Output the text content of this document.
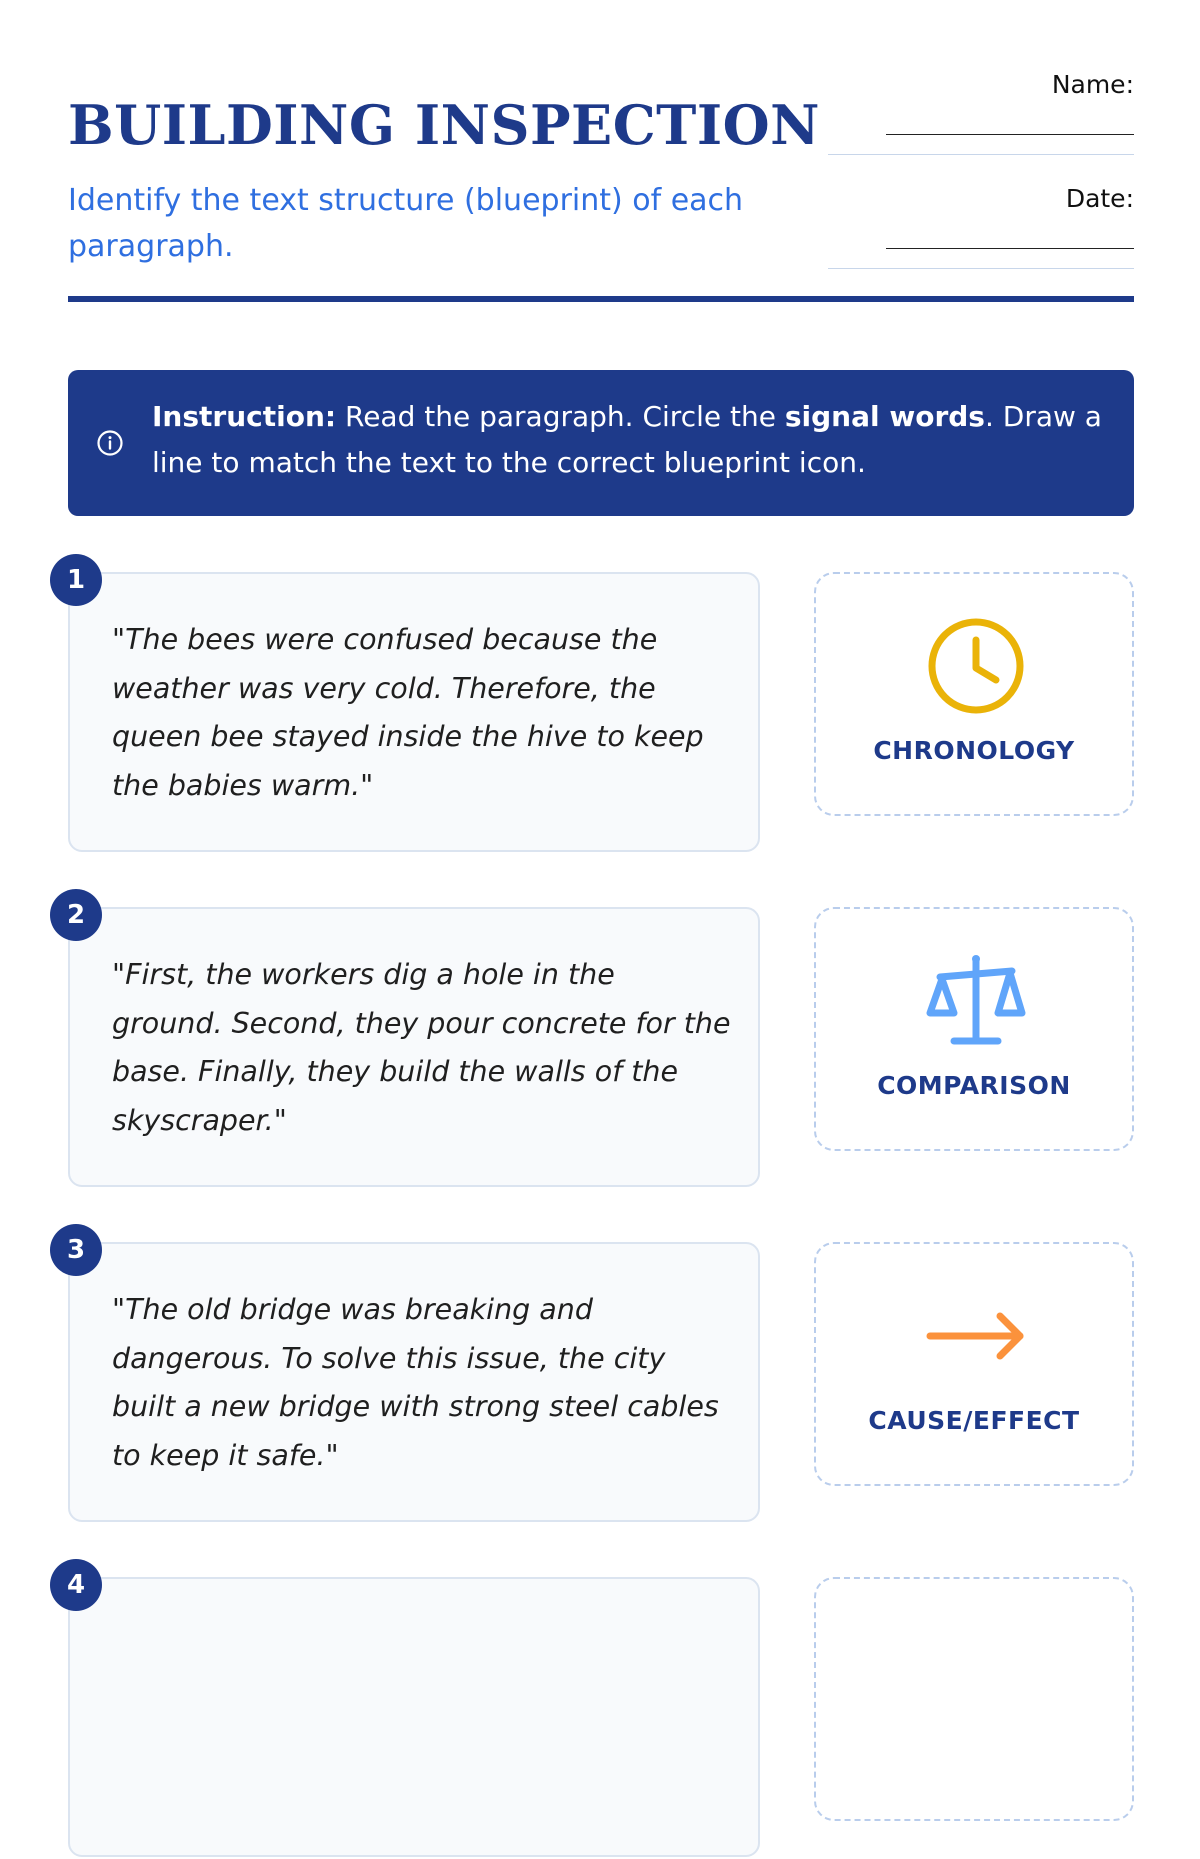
BUILDING INSPECTION

Identify the text structure (blueprint) of each paragraph.

Name:
Date:

Instruction: Read the paragraph. Circle the signal words. Draw a line to match the text to the correct blueprint icon.

1

"The bees were confused because the weather was very cold. Therefore, the queen bee stayed inside the hive to keep the babies warm."

CHRONOLOGY
2

"First, the workers dig a hole in the ground. Second, they pour concrete for the base. Finally, they build the walls of the skyscraper."

COMPARISON
3

"The old bridge was breaking and dangerous. To solve this issue, the city built a new bridge with strong steel cables to keep it safe."

CAUSE/EFFECT
4
